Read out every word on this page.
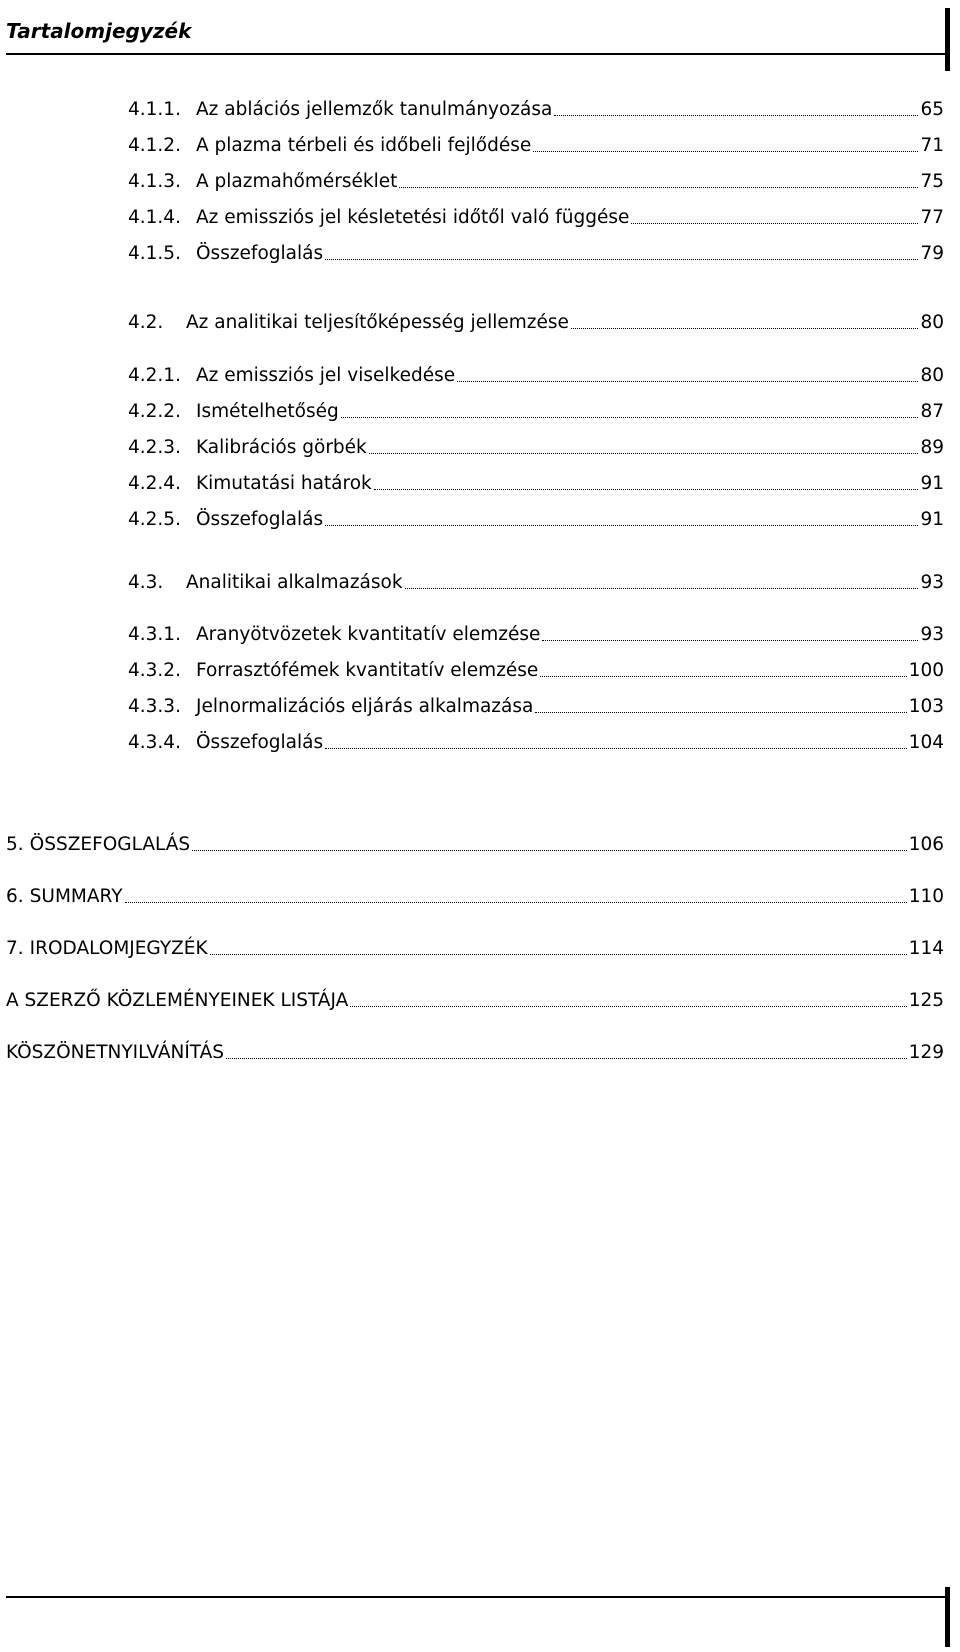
Tartalomjegyzék
4.1.1. Az ablációs jellemzők tanulmányozása	65
4.1.2. A plazma térbeli és időbeli fejlődése	71
4.1.3. A plazmahőmérséklet	75
4.1.4. Az emissziós jel késletetési időtől való függése	77
4.1.5. Összefoglalás	79
4.2.	Az analitikai teljesítőképesség jellemzése	80
4.2.1. Az emissziós jel viselkedése	80
4.2.2. Ismételhetőség	87
4.2.3. Kalibrációs görbék	89
4.2.4. Kimutatási határok	91
4.2.5. Összefoglalás	91
4.3.	Analitikai alkalmazások	93
4.3.1. Aranyötvözetek kvantitatív elemzése	93
4.3.2. Forrasztófémek kvantitatív elemzése	100
4.3.3. Jelnormalizációs eljárás alkalmazása	103
4.3.4. Összefoglalás	104
5. ÖSSZEFOGLALÁS	106
6. SUMMARY	110
7. IRODALOMJEGYZÉK	114
A SZERZŐ KÖZLEMÉNYEINEK LISTÁJA	125
KÖSZÖNETNYILVÁNÍTÁS	129
